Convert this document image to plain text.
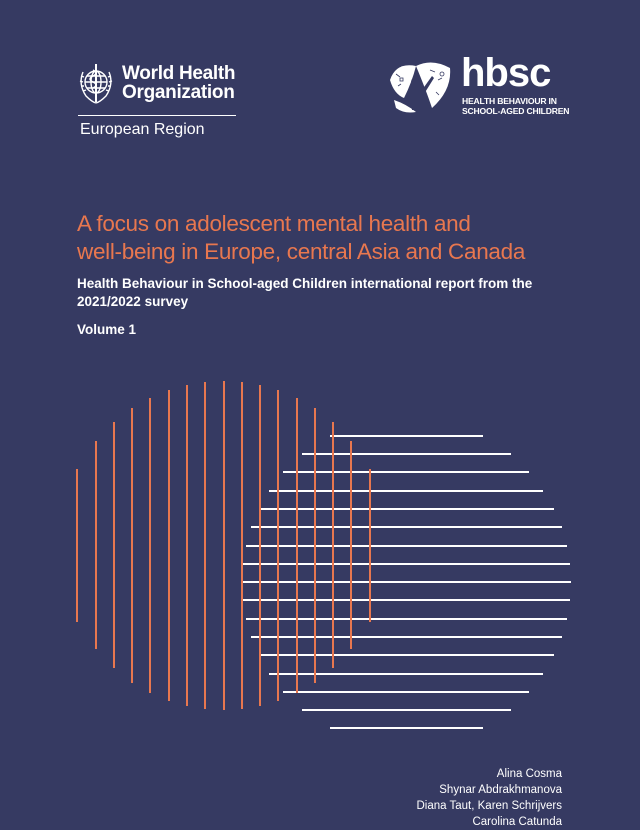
World Health
Organization
European Region
hbsc
HEALTH BEHAVIOUR IN
SCHOOL-AGED CHILDREN
A focus on adolescent mental health and
well-being in Europe, central Asia and Canada
Health Behaviour in School-aged Children international report from the
2021/2022 survey
Volume 1
Alina Cosma
Shynar Abdrakhmanova
Diana Taut, Karen Schrijvers
Carolina Catunda
